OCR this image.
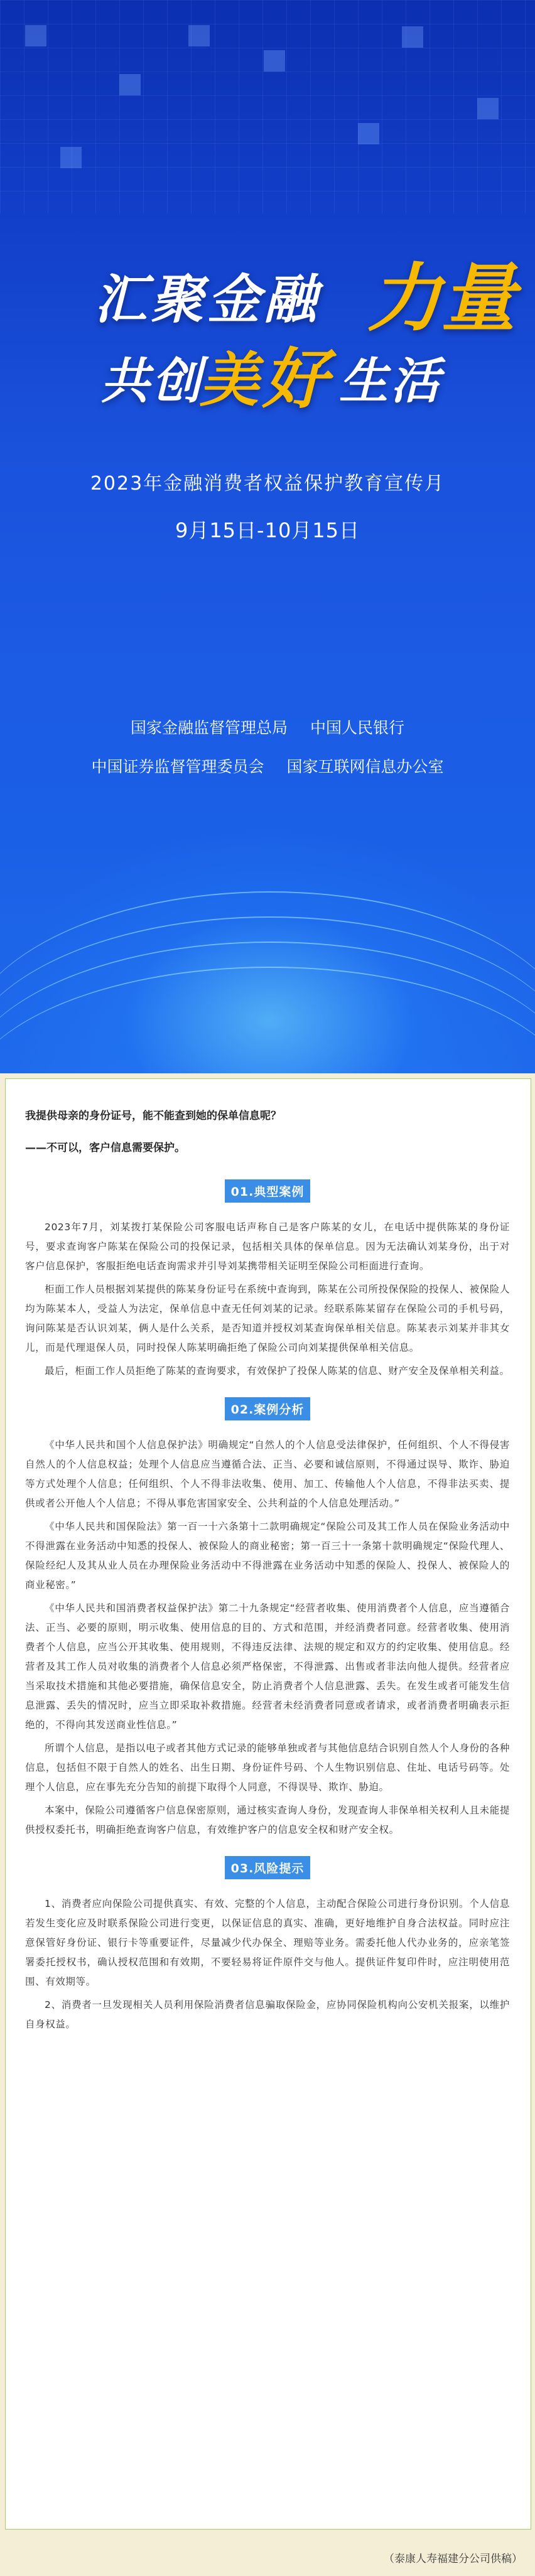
汇聚金融 力量
共创
美 好 生活
2023年金融消费者权益保护教育宣传月
9月15日-10月15日
国家金融监督管理总局 中国人民银行
中国证券监督管理委员会 国家互联网信息办公室
我提供母亲的身份证号，能不能查到她的保单信息呢？
——不可以，客户信息需要保护。
01.典型案例

2023年7月，刘某拨打某保险公司客服电话声称自己是客户陈某的女儿，在电话中提供陈某的身份证号，要求查询客户陈某在保险公司的投保记录，包括相关具体的保单信息。因为无法确认刘某身份，出于对客户信息保护，客服拒绝电话查询需求并引导刘某携带相关证明至保险公司柜面进行查询。

柜面工作人员根据刘某提供的陈某身份证号在系统中查询到，陈某在公司所投保保险的投保人、被保险人均为陈某本人，受益人为法定，保单信息中查无任何刘某的记录。经联系陈某留存在保险公司的手机号码，询问陈某是否认识刘某，俩人是什么关系，是否知道并授权刘某查询保单相关信息。陈某表示刘某并非其女儿，而是代理退保人员，同时投保人陈某明确拒绝了保险公司向刘某提供保单相关信息。

最后，柜面工作人员拒绝了陈某的查询要求，有效保护了投保人陈某的信息、财产安全及保单相关利益。

02.案例分析

《中华人民共和国个人信息保护法》明确规定“自然人的个人信息受法律保护，任何组织、个人不得侵害自然人的个人信息权益；处理个人信息应当遵循合法、正当、必要和诚信原则，不得通过误导、欺诈、胁迫等方式处理个人信息；任何组织、个人不得非法收集、使用、加工、传输他人个人信息，不得非法买卖、提供或者公开他人个人信息；不得从事危害国家安全、公共利益的个人信息处理活动。”

《中华人民共和国保险法》第一百一十六条第十二款明确规定“保险公司及其工作人员在保险业务活动中不得泄露在业务活动中知悉的投保人、被保险人的商业秘密；第一百三十一条第十款明确规定“保险代理人、保险经纪人及其从业人员在办理保险业务活动中不得泄露在业务活动中知悉的保险人、投保人、被保险人的商业秘密。”

《中华人民共和国消费者权益保护法》第二十九条规定“经营者收集、使用消费者个人信息，应当遵循合法、正当、必要的原则，明示收集、使用信息的目的、方式和范围，并经消费者同意。经营者收集、使用消费者个人信息，应当公开其收集、使用规则，不得违反法律、法规的规定和双方的约定收集、使用信息。经营者及其工作人员对收集的消费者个人信息必须严格保密，不得泄露、出售或者非法向他人提供。经营者应当采取技术措施和其他必要措施，确保信息安全，防止消费者个人信息泄露、丢失。在发生或者可能发生信息泄露、丢失的情况时，应当立即采取补救措施。经营者未经消费者同意或者请求，或者消费者明确表示拒绝的，不得向其发送商业性信息。”

所谓个人信息，是指以电子或者其他方式记录的能够单独或者与其他信息结合识别自然人个人身份的各种信息，包括但不限于自然人的姓名、出生日期、身份证件号码、个人生物识别信息、住址、电话号码等。处理个人信息，应在事先充分告知的前提下取得个人同意，不得误导、欺诈、胁迫。

本案中，保险公司遵循客户信息保密原则，通过核实查询人身份，发现查询人非保单相关权利人且未能提供授权委托书，明确拒绝查询客户信息，有效维护客户的信息安全权和财产安全权。

03.风险提示

1、消费者应向保险公司提供真实、有效、完整的个人信息，主动配合保险公司进行身份识别。个人信息若发生变化应及时联系保险公司进行变更，以保证信息的真实、准确，更好地维护自身合法权益。同时应注意保管好身份证、银行卡等重要证件，尽量减少代办保全、理赔等业务。需委托他人代办业务的，应亲笔签署委托授权书，确认授权范围和有效期，不要轻易将证件原件交与他人。提供证件复印件时，应注明使用范围、有效期等。

2、消费者一旦发现相关人员利用保险消费者信息骗取保险金，应协同保险机构向公安机关报案，以维护自身权益。

（泰康人寿福建分公司供稿）
